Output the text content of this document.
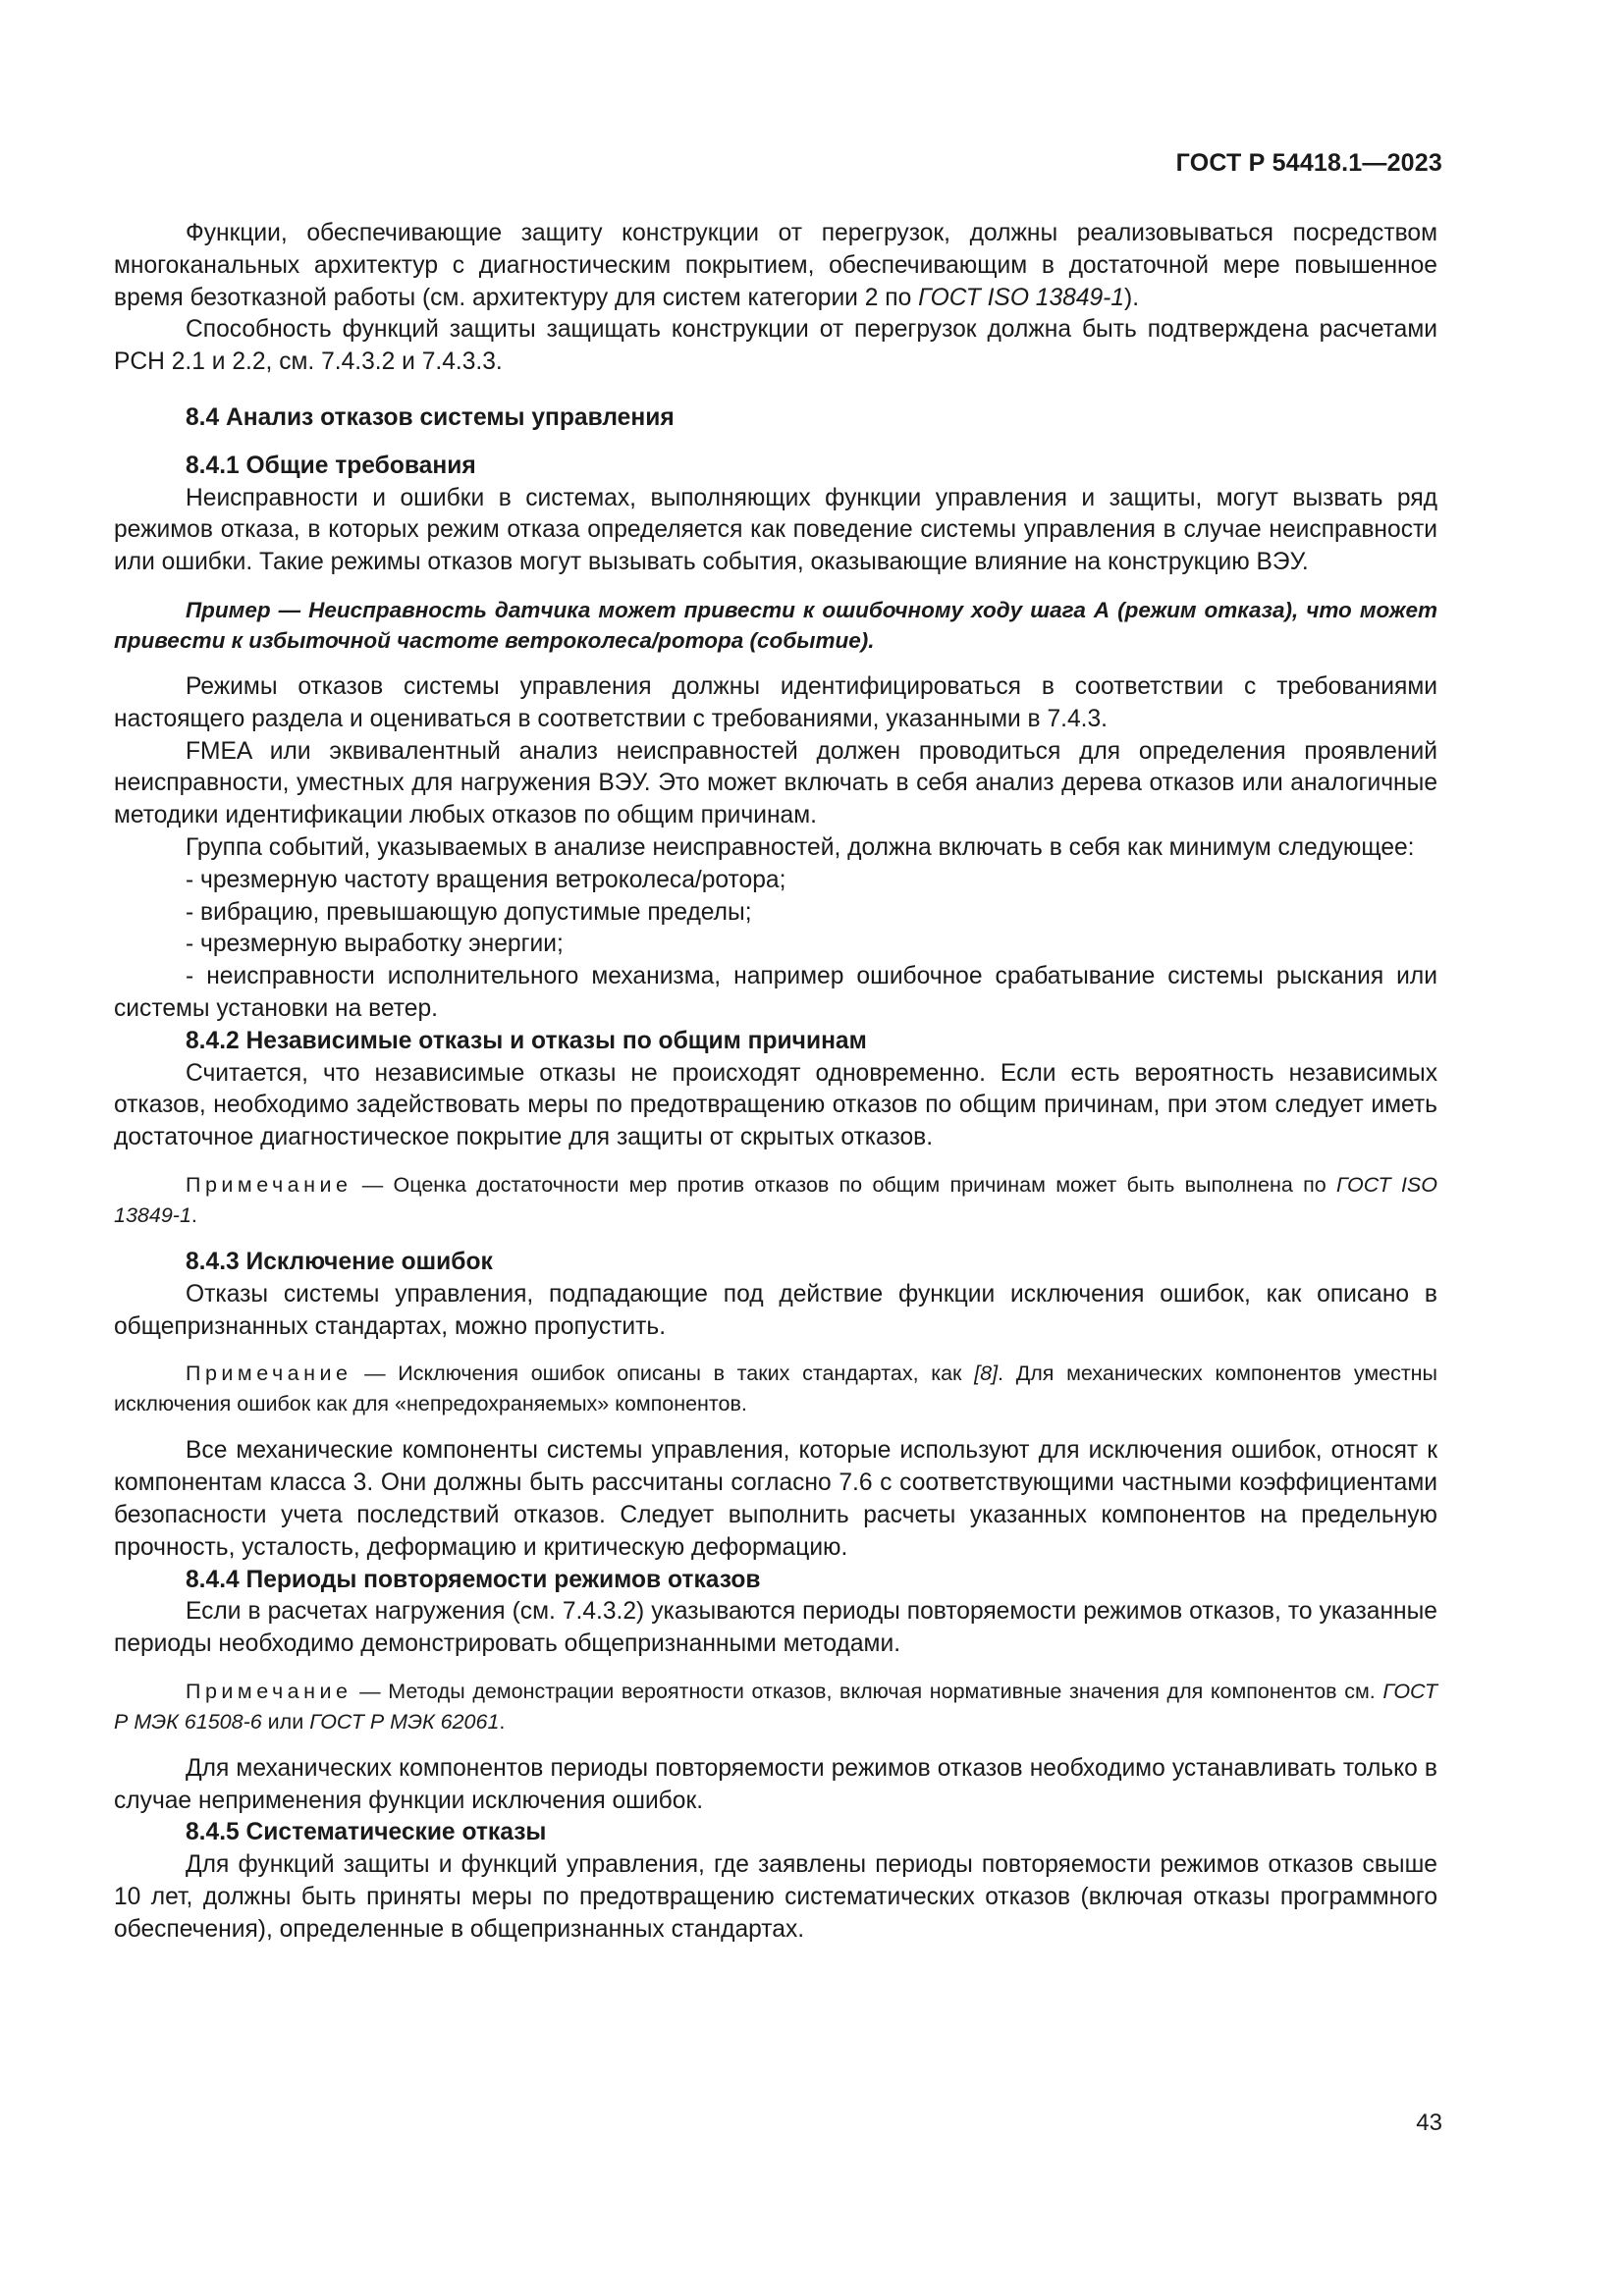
ГОСТ Р 54418.1—2023

Функции, обеспечивающие защиту конструкции от перегрузок, должны реализовываться посредством многоканальных архитектур с диагностическим покрытием, обеспечивающим в достаточной мере повышенное время безотказной работы (см. архитектуру для систем категории 2 по ГОСТ ISO 13849-1).

Способность функций защиты защищать конструкции от перегрузок должна быть подтверждена расчетами PCH 2.1 и 2.2, см. 7.4.3.2 и 7.4.3.3.

8.4 Анализ отказов системы управления

8.4.1 Общие требования

Неисправности и ошибки в системах, выполняющих функции управления и защиты, могут вызвать ряд режимов отказа, в которых режим отказа определяется как поведение системы управления в случае неисправности или ошибки. Такие режимы отказов могут вызывать события, оказывающие влияние на конструкцию ВЭУ.

Пример — Неисправность датчика может привести к ошибочному ходу шага А (режим отказа), что может привести к избыточной частоте ветроколеса/ротора (событие).

Режимы отказов системы управления должны идентифицироваться в соответствии с требованиями настоящего раздела и оцениваться в соответствии с требованиями, указанными в 7.4.3.

FMEA или эквивалентный анализ неисправностей должен проводиться для определения проявлений неисправности, уместных для нагружения ВЭУ. Это может включать в себя анализ дерева отказов или аналогичные методики идентификации любых отказов по общим причинам.

Группа событий, указываемых в анализе неисправностей, должна включать в себя как минимум следующее:

- чрезмерную частоту вращения ветроколеса/ротора;

- вибрацию, превышающую допустимые пределы;

- чрезмерную выработку энергии;

- неисправности исполнительного механизма, например ошибочное срабатывание системы рыскания или системы установки на ветер.

8.4.2 Независимые отказы и отказы по общим причинам

Считается, что независимые отказы не происходят одновременно. Если есть вероятность независимых отказов, необходимо задействовать меры по предотвращению отказов по общим причинам, при этом следует иметь достаточное диагностическое покрытие для защиты от скрытых отказов.

Примечание — Оценка достаточности мер против отказов по общим причинам может быть выполнена по ГОСТ ISO 13849-1.

8.4.3 Исключение ошибок

Отказы системы управления, подпадающие под действие функции исключения ошибок, как описано в общепризнанных стандартах, можно пропустить.

Примечание — Исключения ошибок описаны в таких стандартах, как [8]. Для механических компонентов уместны исключения ошибок как для «непредохраняемых» компонентов.

Все механические компоненты системы управления, которые используют для исключения ошибок, относят к компонентам класса 3. Они должны быть рассчитаны согласно 7.6 с соответствующими частными коэффициентами безопасности учета последствий отказов. Следует выполнить расчеты указанных компонентов на предельную прочность, усталость, деформацию и критическую деформацию.

8.4.4 Периоды повторяемости режимов отказов

Если в расчетах нагружения (см. 7.4.3.2) указываются периоды повторяемости режимов отказов, то указанные периоды необходимо демонстрировать общепризнанными методами.

Примечание — Методы демонстрации вероятности отказов, включая нормативные значения для компонентов см. ГОСТ Р МЭК 61508-6 или ГОСТ Р МЭК 62061.

Для механических компонентов периоды повторяемости режимов отказов необходимо устанавливать только в случае неприменения функции исключения ошибок.

8.4.5 Систематические отказы

Для функций защиты и функций управления, где заявлены периоды повторяемости режимов отказов свыше 10 лет, должны быть приняты меры по предотвращению систематических отказов (включая отказы программного обеспечения), определенные в общепризнанных стандартах.

43
